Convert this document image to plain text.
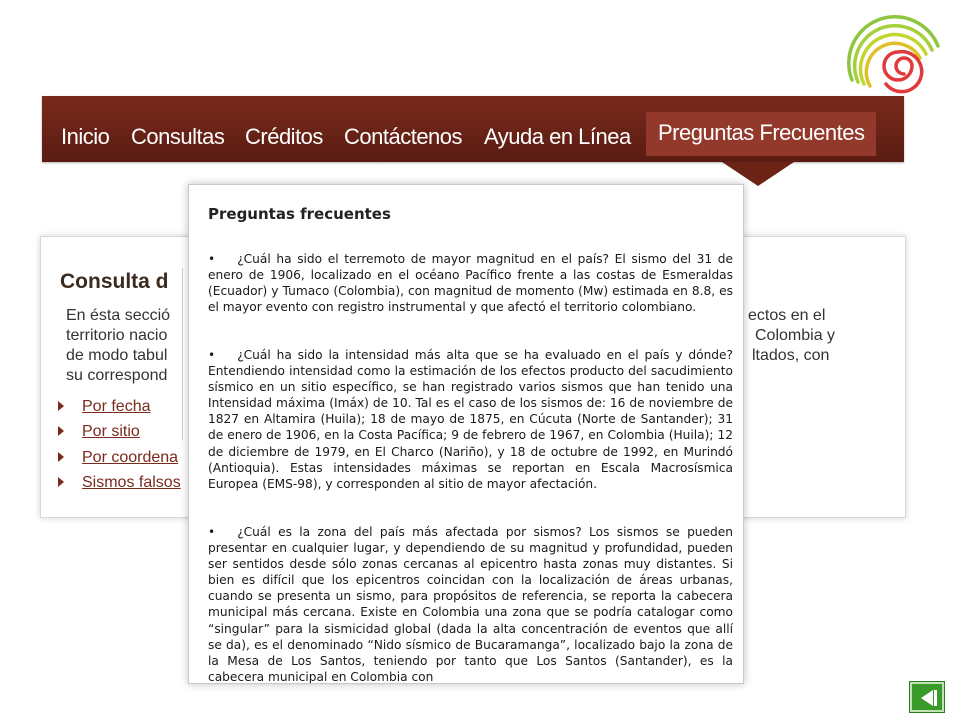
Inicio Consultas Créditos Contáctenos Ayuda en Línea	Preguntas Frecuentes
Consulta d
En ésta secció
territorio nacio
de modo tabul
su correspond
ectos en el
Colombia y
ltados, con
Por fecha
Por sitio
Por coordena
Sismos falsos
Preguntas frecuentes
• ¿Cuál ha sido el terremoto de mayor magnitud en el país? El sismo del 31 de enero de 1906, localizado en el océano Pacífico frente a las costas de Esmeraldas (Ecuador) y Tumaco (Colombia), con magnitud de momento (Mw) estimada en 8.8, es el mayor evento con registro instrumental y que afectó el territorio colombiano.
• ¿Cuál ha sido la intensidad más alta que se ha evaluado en el país y dónde? Entendiendo intensidad como la estimación de los efectos producto del sacudimiento sísmico en un sitio específico, se han registrado varios sismos que han tenido una Intensidad máxima (Imáx) de 10. Tal es el caso de los sismos de: 16 de noviembre de 1827 en Altamira (Huila); 18 de mayo de 1875, en Cúcuta (Norte de Santander); 31 de enero de 1906, en la Costa Pacífica; 9 de febrero de 1967, en Colombia (Huila); 12 de diciembre de 1979, en El Charco (Nariño), y 18 de octubre de 1992, en Murindó (Antioquia). Estas intensidades máximas se reportan en Escala Macrosísmica Europea (EMS-98), y corresponden al sitio de mayor afectación.
• ¿Cuál es la zona del país más afectada por sismos? Los sismos se pueden presentar en cualquier lugar, y dependiendo de su magnitud y profundidad, pueden ser sentidos desde sólo zonas cercanas al epicentro hasta zonas muy distantes. Si bien es difícil que los epicentros coincidan con la localización de áreas urbanas, cuando se presenta un sismo, para propósitos de referencia, se reporta la cabecera municipal más cercana. Existe en Colombia una zona que se podría catalogar como “singular” para la sismicidad global (dada la alta concentración de eventos que allí se da), es el denominado “Nido sísmico de Bucaramanga”, localizado bajo la zona de la Mesa de Los Santos, teniendo por tanto que Los Santos (Santander), es la cabecera municipal en Colombia con
